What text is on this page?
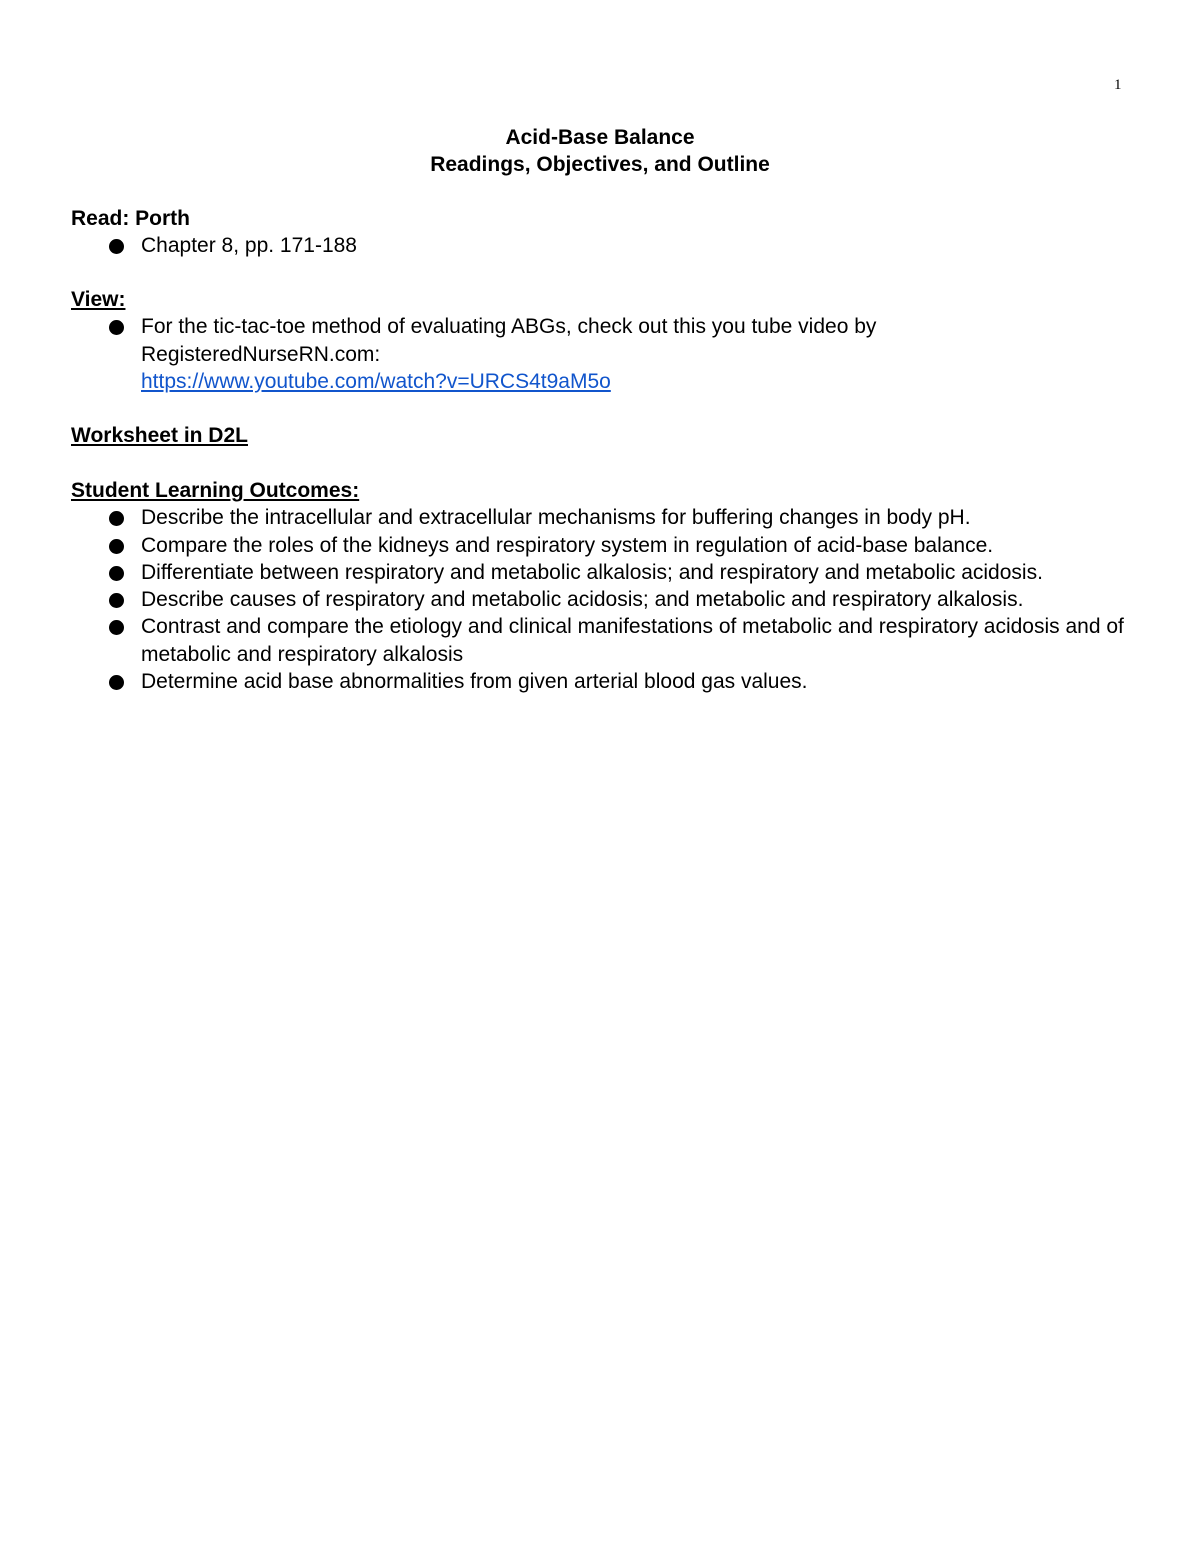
1
Acid-Base Balance
Readings, Objectives, and Outline
Read: Porth
Chapter 8, pp. 171-188
View:
For the tic-tac-toe method of evaluating ABGs, check out this you tube video by
RegisteredNurseRN.com:
https://www.youtube.com/watch?v=URCS4t9aM5o
Worksheet in D2L
Student Learning Outcomes:
Describe the intracellular and extracellular mechanisms for buffering changes in body pH.
Compare the roles of the kidneys and respiratory system in regulation of acid-base balance.
Differentiate between respiratory and metabolic alkalosis; and respiratory and metabolic acidosis.
Describe causes of respiratory and metabolic acidosis; and metabolic and respiratory alkalosis.
Contrast and compare the etiology and clinical manifestations of metabolic and respiratory acidosis and of metabolic and respiratory alkalosis
Determine acid base abnormalities from given arterial blood gas values.
